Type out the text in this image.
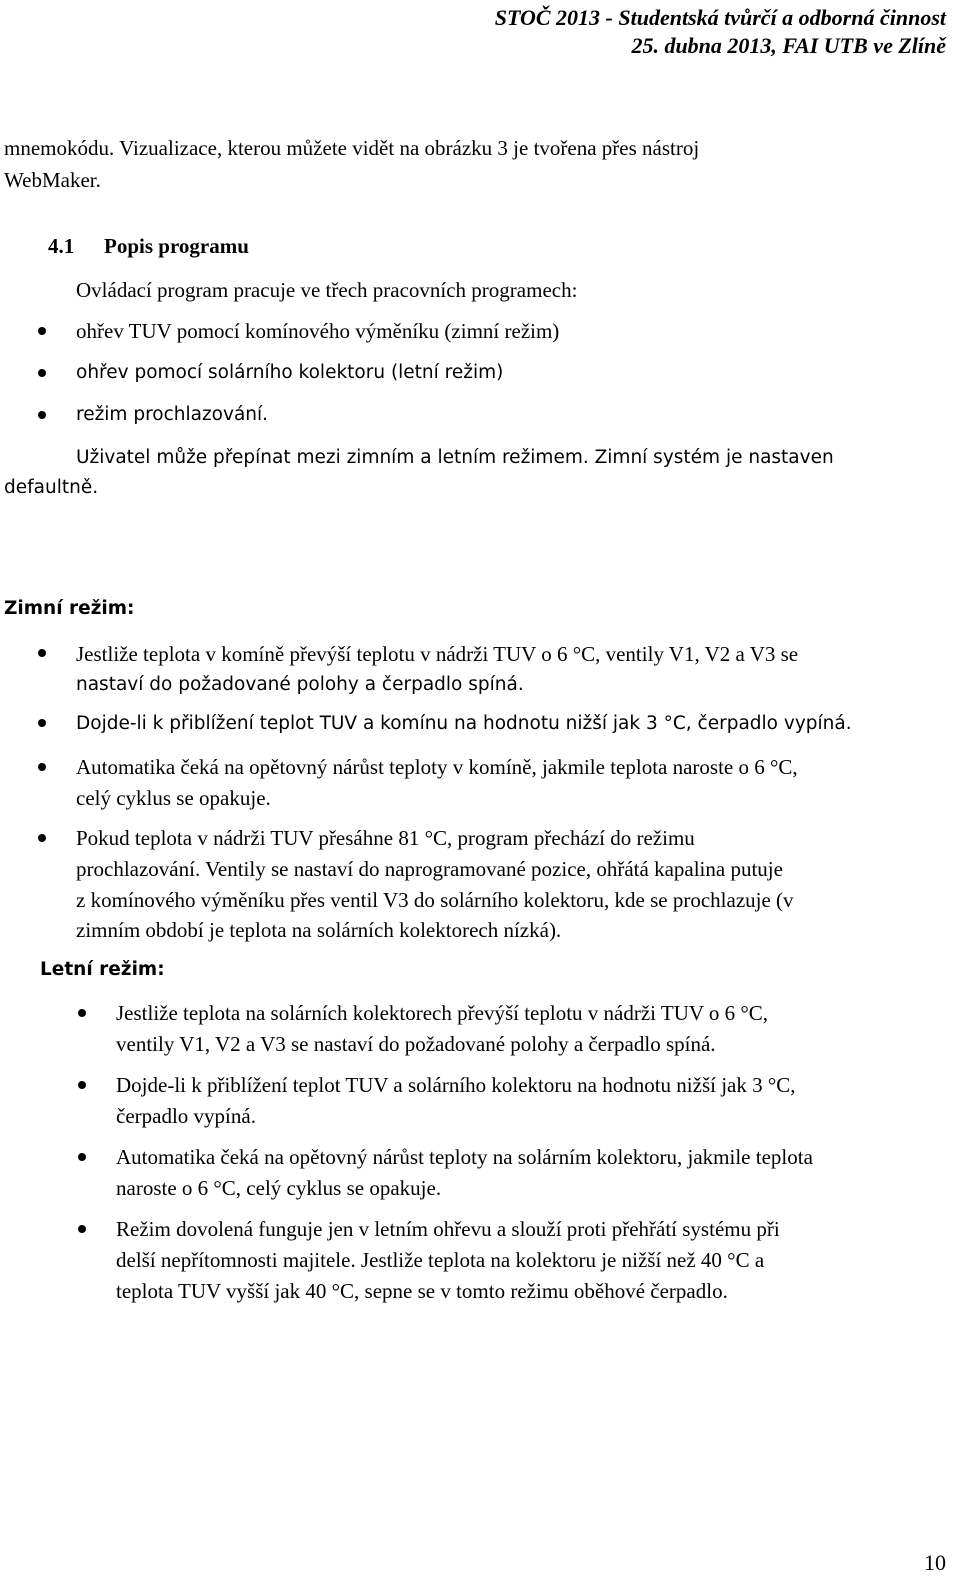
STOČ 2013 - Studentská tvůrčí a odborná činnost
25. dubna 2013, FAI UTB ve Zlíně
mnemokódu. Vizualizace, kterou můžete vidět na obrázku 3 je tvořena přes nástroj
WebMaker.
4.1 Popis programu
Ovládací program pracuje ve třech pracovních programech:
ohřev TUV pomocí komínového výměníku (zimní režim)
ohřev pomocí solárního kolektoru (letní režim)
režim prochlazování.
Uživatel může přepínat mezi zimním a letním režimem. Zimní systém je nastaven
defaultně.
Zimní režim:
Jestliže teplota v komíně převýší teplotu v nádrži TUV o 6 °C, ventily V1, V2 a V3 se
nastaví do požadované polohy a čerpadlo spíná.
Dojde-li k přiblížení teplot TUV a komínu na hodnotu nižší jak 3 °C, čerpadlo vypíná.
Automatika čeká na opětovný nárůst teploty v komíně, jakmile teplota naroste o 6 °C,
celý cyklus se opakuje.
Pokud teplota v nádrži TUV přesáhne 81 °C, program přechází do režimu
prochlazování. Ventily se nastaví do naprogramované pozice, ohřátá kapalina putuje
z komínového výměníku přes ventil V3 do solárního kolektoru, kde se prochlazuje (v
zimním období je teplota na solárních kolektorech nízká).
Letní režim:
Jestliže teplota na solárních kolektorech převýší teplotu v nádrži TUV o 6 °C,
ventily V1, V2 a V3 se nastaví do požadované polohy a čerpadlo spíná.
Dojde-li k přiblížení teplot TUV a solárního kolektoru na hodnotu nižší jak 3 °C,
čerpadlo vypíná.
Automatika čeká na opětovný nárůst teploty na solárním kolektoru, jakmile teplota
naroste o 6 °C, celý cyklus se opakuje.
Režim dovolená funguje jen v letním ohřevu a slouží proti přehřátí systému při
delší nepřítomnosti majitele. Jestliže teplota na kolektoru je nižší než 40 °C a
teplota TUV vyšší jak 40 °C, sepne se v tomto režimu oběhové čerpadlo.
10
